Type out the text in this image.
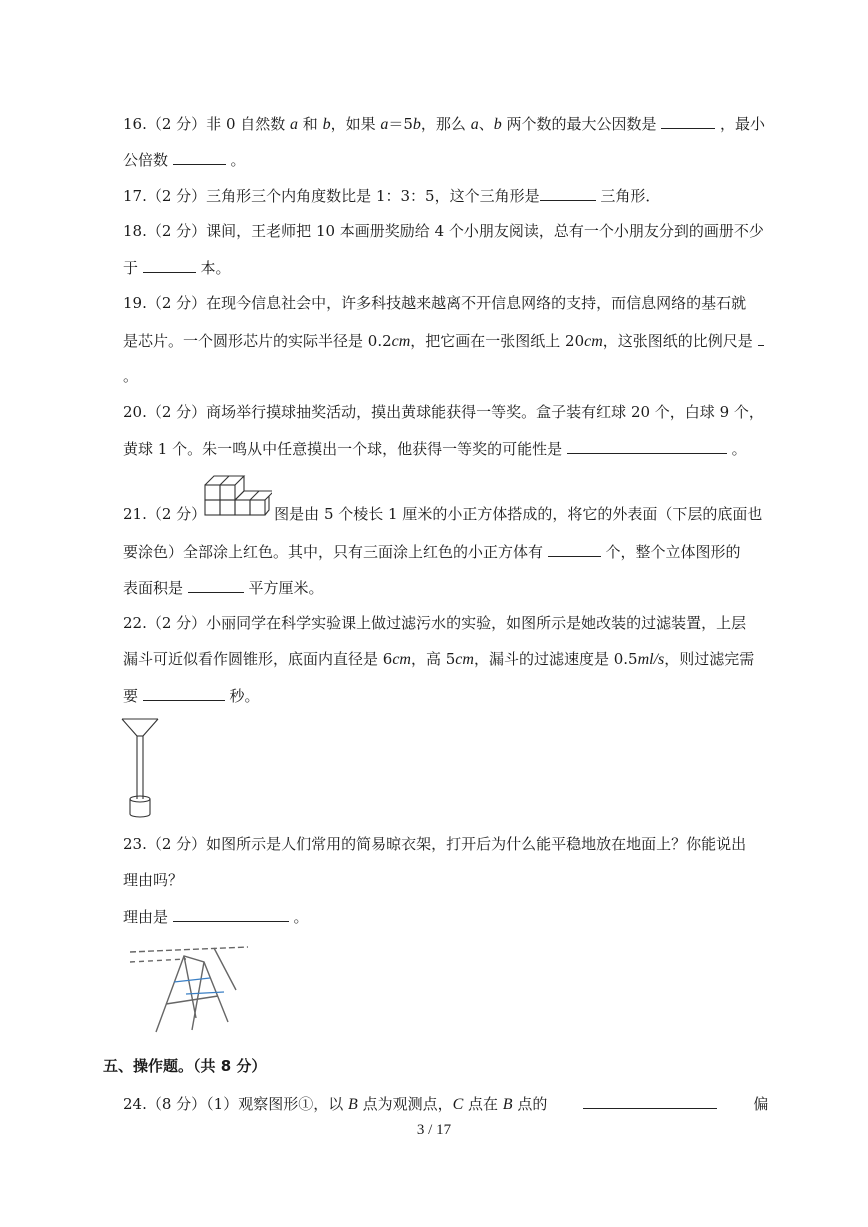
16.（2 分）非 0 自然数 a 和 b，如果 a＝5b，那么 a、b 两个数的最大公因数是	，最小
公倍数	。
17.（2 分）三角形三个内角度数比是 1：3：5，这个三角形是	三角形．
18.（2 分）课间，王老师把 10 本画册奖励给 4 个小朋友阅读，总有一个小朋友分到的画册不少
于	本。
19.（2 分）在现今信息社会中，许多科技越来越离不开信息网络的支持，而信息网络的基石就
是芯片。一个圆形芯片的实际半径是 0.2cm，把它画在一张图纸上 20cm，这张图纸的比例尺是
。
20.（2 分）商场举行摸球抽奖活动，摸出黄球能获得一等奖。盒子装有红球 20 个，白球 9 个，
黄球 1 个。朱一鸣从中任意摸出一个球，他获得一等奖的可能性是	。
21.（2 分）	图是由 5 个棱长 1 厘米的小正方体搭成的，将它的外表面（下层的底面也
要涂色）全部涂上红色。其中，只有三面涂上红色的小正方体有	个，整个立体图形的
表面积是	平方厘米。
22.（2 分）小丽同学在科学实验课上做过滤污水的实验，如图所示是她改装的过滤装置，上层
漏斗可近似看作圆锥形，底面内直径是 6cm，高 5cm，漏斗的过滤速度是 0.5ml/s，则过滤完需
要	秒。
23.（2 分）如图所示是人们常用的简易晾衣架，打开后为什么能平稳地放在地面上？你能说出
理由吗？
理由是	。
五、操作题。（共 8 分）
24.（8 分）（1）观察图形①，以 B 点为观测点，C 点在 B 点的	偏
3 / 17
